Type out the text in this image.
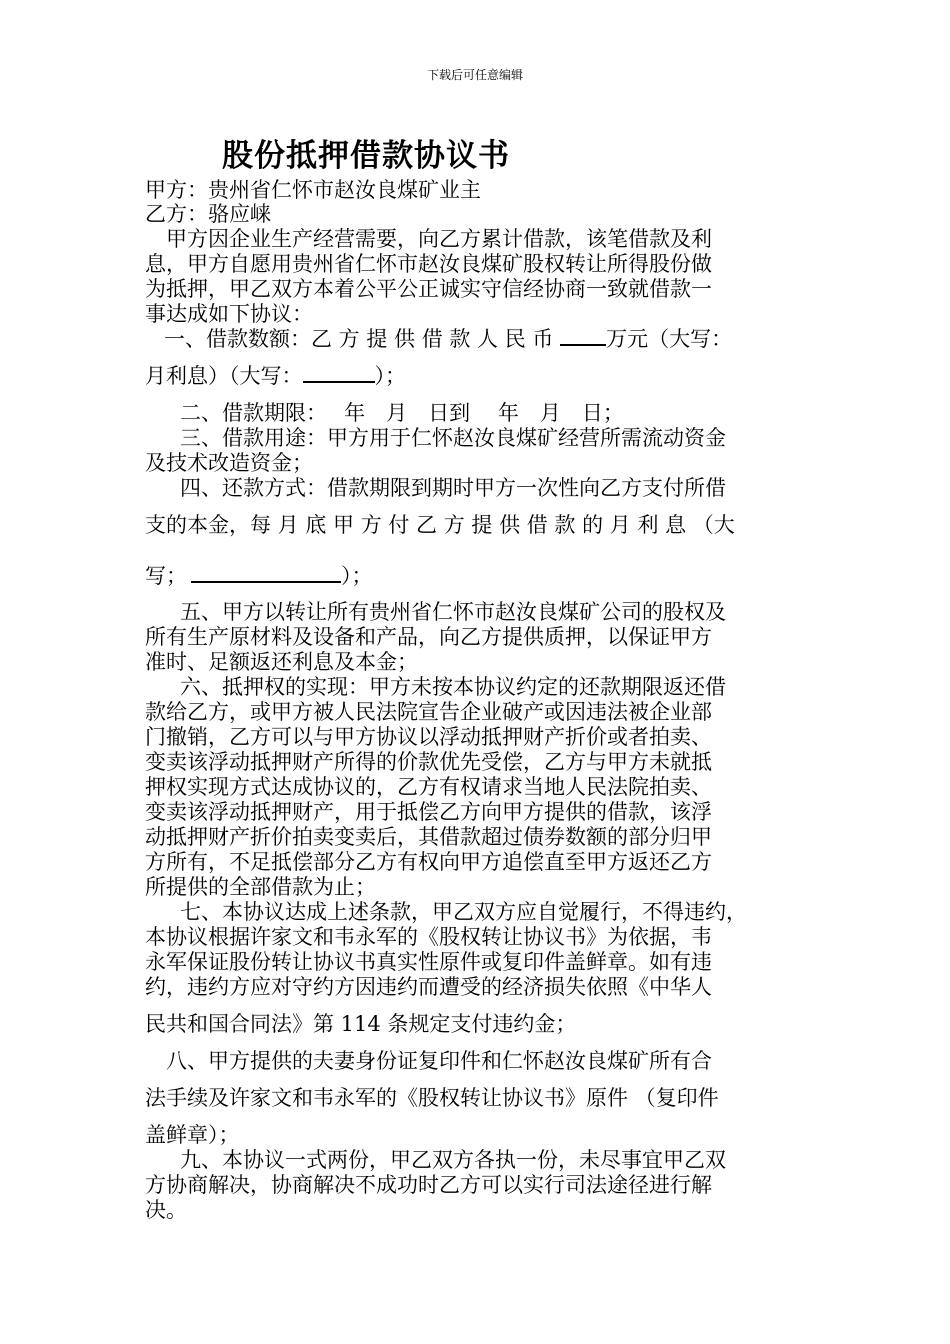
下载后可任意编辑
股份抵押借款协议书
甲方：贵州省仁怀市赵汝良煤矿业主
乙方：骆应崃
甲方因企业生产经营需要，向乙方累计借款，该笔借款及利
息，甲方自愿用贵州省仁怀市赵汝良煤矿股权转让所得股份做
为抵押，甲乙双方本着公平公正诚实守信经协商一致就借款一
事达成如下协议：
一、借款数额：乙 方 提 供 借 款 人 民 币	万元（大写：
月利息）（大写：	）；
二、借款期限：　 年　月　日到　 年　月　日；
三、借款用途：甲方用于仁怀赵汝良煤矿经营所需流动资金
及技术改造资金；
四、还款方式：借款期限到期时甲方一次性向乙方支付所借
支的本金，每 月 底 甲 方 付 乙 方 提 供 借 款 的 月 利 息 （大
写；	）；
五、甲方以转让所有贵州省仁怀市赵汝良煤矿公司的股权及
所有生产原材料及设备和产品，向乙方提供质押，以保证甲方
准时、足额返还利息及本金；
六、抵押权的实现：甲方未按本协议约定的还款期限返还借
款给乙方，或甲方被人民法院宣告企业破产或因违法被企业部
门撤销，乙方可以与甲方协议以浮动抵押财产折价或者拍卖、
变卖该浮动抵押财产所得的价款优先受偿，乙方与甲方未就抵
押权实现方式达成协议的，乙方有权请求当地人民法院拍卖、
变卖该浮动抵押财产，用于抵偿乙方向甲方提供的借款，该浮
动抵押财产折价拍卖变卖后，其借款超过债券数额的部分归甲
方所有，不足抵偿部分乙方有权向甲方追偿直至甲方返还乙方
所提供的全部借款为止；
七、本协议达成上述条款，甲乙双方应自觉履行，不得违约，
本协议根据许家文和韦永军的《股权转让协议书》为依据，韦
永军保证股份转让协议书真实性原件或复印件盖鲜章。如有违
约，违约方应对守约方因违约而遭受的经济损失依照《中华人
民共和国合同法》第 114 条规定支付违约金；
八、甲方提供的夫妻身份证复印件和仁怀赵汝良煤矿所有合
法手续及许家文和韦永军的《股权转让协议书》原件 （复印件
盖鲜章）；
九、本协议一式两份，甲乙双方各执一份，未尽事宜甲乙双
方协商解决，协商解决不成功时乙方可以实行司法途径进行解
决。
